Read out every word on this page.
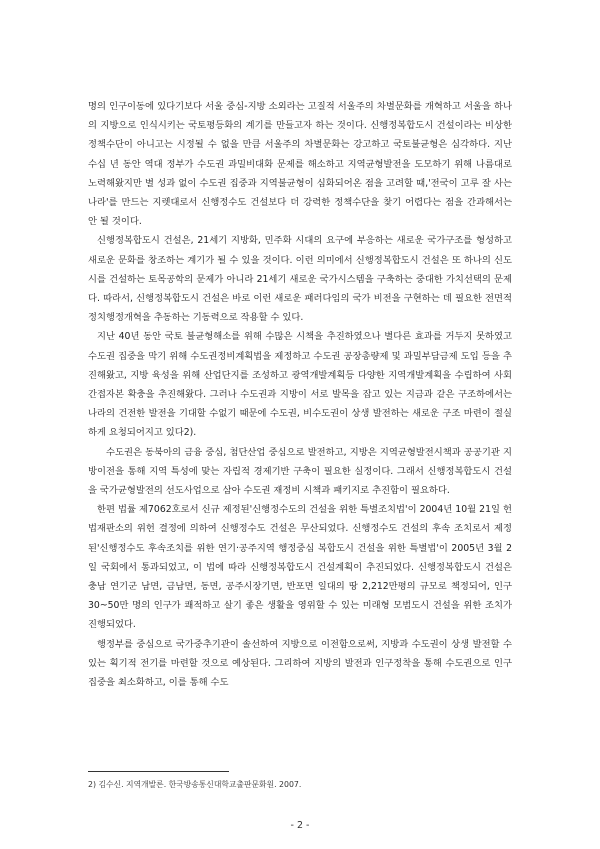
명의 인구이동에 있다기보다 서울 중심-지방 소외라는 고질적 서울주의 차별문화를 개혁하고 서울을 하나의 지방으로 인식시키는 국토평등화의 계기를 만들고자 하는 것이다. 신행정복합도시 건설이라는 비상한 정책수단이 아니고는 시정될 수 없을 만큼 서울주의 차별문화는 강고하고 국토불균형은 심각하다. 지난 수십 년 동안 역대 정부가 수도권 과밀비대화 문제를 해소하고 지역균형발전을 도모하기 위해 나름대로 노력해왔지만 별 성과 없이 수도권 집중과 지역불균형이 심화되어온 점을 고려할 때,'전국이 고루 잘 사는 나라'를 만드는 지렛대로서 신행정수도 건설보다 더 강력한 정책수단을 찾기 어렵다는 점을 간과해서는 안 될 것이다.

신행정복합도시 건설은, 21세기 지방화, 민주화 시대의 요구에 부응하는 새로운 국가구조를 형성하고 새로운 문화를 창조하는 계기가 될 수 있을 것이다. 이런 의미에서 신행정복합도시 건설은 또 하나의 신도시를 건설하는 토목공학의 문제가 아니라 21세기 새로운 국가시스템을 구축하는 중대한 가치선택의 문제다. 따라서, 신행정복합도시 건설은 바로 이런 새로운 패러다임의 국가 비전을 구현하는 데 필요한 전면적 정치행정개혁을 추동하는 기동력으로 작용할 수 있다.

지난 40년 동안 국토 불균형해소를 위해 수많은 시책을 추진하였으나 별다른 효과를 거두지 못하였고 수도권 집중을 막기 위해 수도권정비계획법을 제정하고 수도권 공장총량제 및 과밀부담금제 도입 등을 추진해왔고, 지방 육성을 위해 산업단지를 조성하고 광역개발계획등 다양한 지역개발계획을 수립하여 사회간접자본 확충을 추진해왔다. 그러나 수도권과 지방이 서로 발목을 잡고 있는 지금과 같은 구조하에서는 나라의 건전한 발전을 기대할 수없기 때문에 수도권, 비수도권이 상생 발전하는 새로운 구조 마련이 절실하게 요청되어지고 있다2).

수도권은 동북아의 금융 중심, 첨단산업 중심으로 발전하고, 지방은 지역균형발전시책과 공공기관 지방이전을 통해 지역 특성에 맞는 자립적 경제기반 구축이 필요한 실정이다. 그래서 신행정복합도시 건설을 국가균형발전의 선도사업으로 삼아 수도권 재정비 시책과 패키지로 추진함이 필요하다.

한편 법률 제7062호로서 신규 제정된'신행정수도의 건설을 위한 특별조치법'이 2004년 10월 21일 헌법재판소의 위헌 결정에 의하여 신행정수도 건설은 무산되었다. 신행정수도 건설의 후속 조치로서 제정된'신행정수도 후속조치를 위한 연기·공주지역 행정중심 복합도시 건설을 위한 특별법'이 2005년 3월 2일 국회에서 통과되었고, 이 법에 따라 신행정복합도시 건설계획이 추진되었다. 신행정복합도시 건설은 충남 연기군 남면, 금남면, 동면, 공주시장기면, 반포면 일대의 땅 2,212만평의 규모로 책정되어, 인구 30~50만 명의 인구가 쾌적하고 살기 좋은 생활을 영위할 수 있는 미래형 모범도시 건설을 위한 조치가 진행되었다.

행정부를 중심으로 국가중추기관이 솔선하여 지방으로 이전함으로써, 지방과 수도권이 상생 발전할 수 있는 획기적 전기를 마련할 것으로 예상된다. 그리하여 지방의 발전과 인구정착을 통해 수도권으로 인구집중을 최소화하고, 이를 통해 수도

2) 김수신. 지역개발론. 한국방송통신대학교출판문화원. 2007.
- 2 -
